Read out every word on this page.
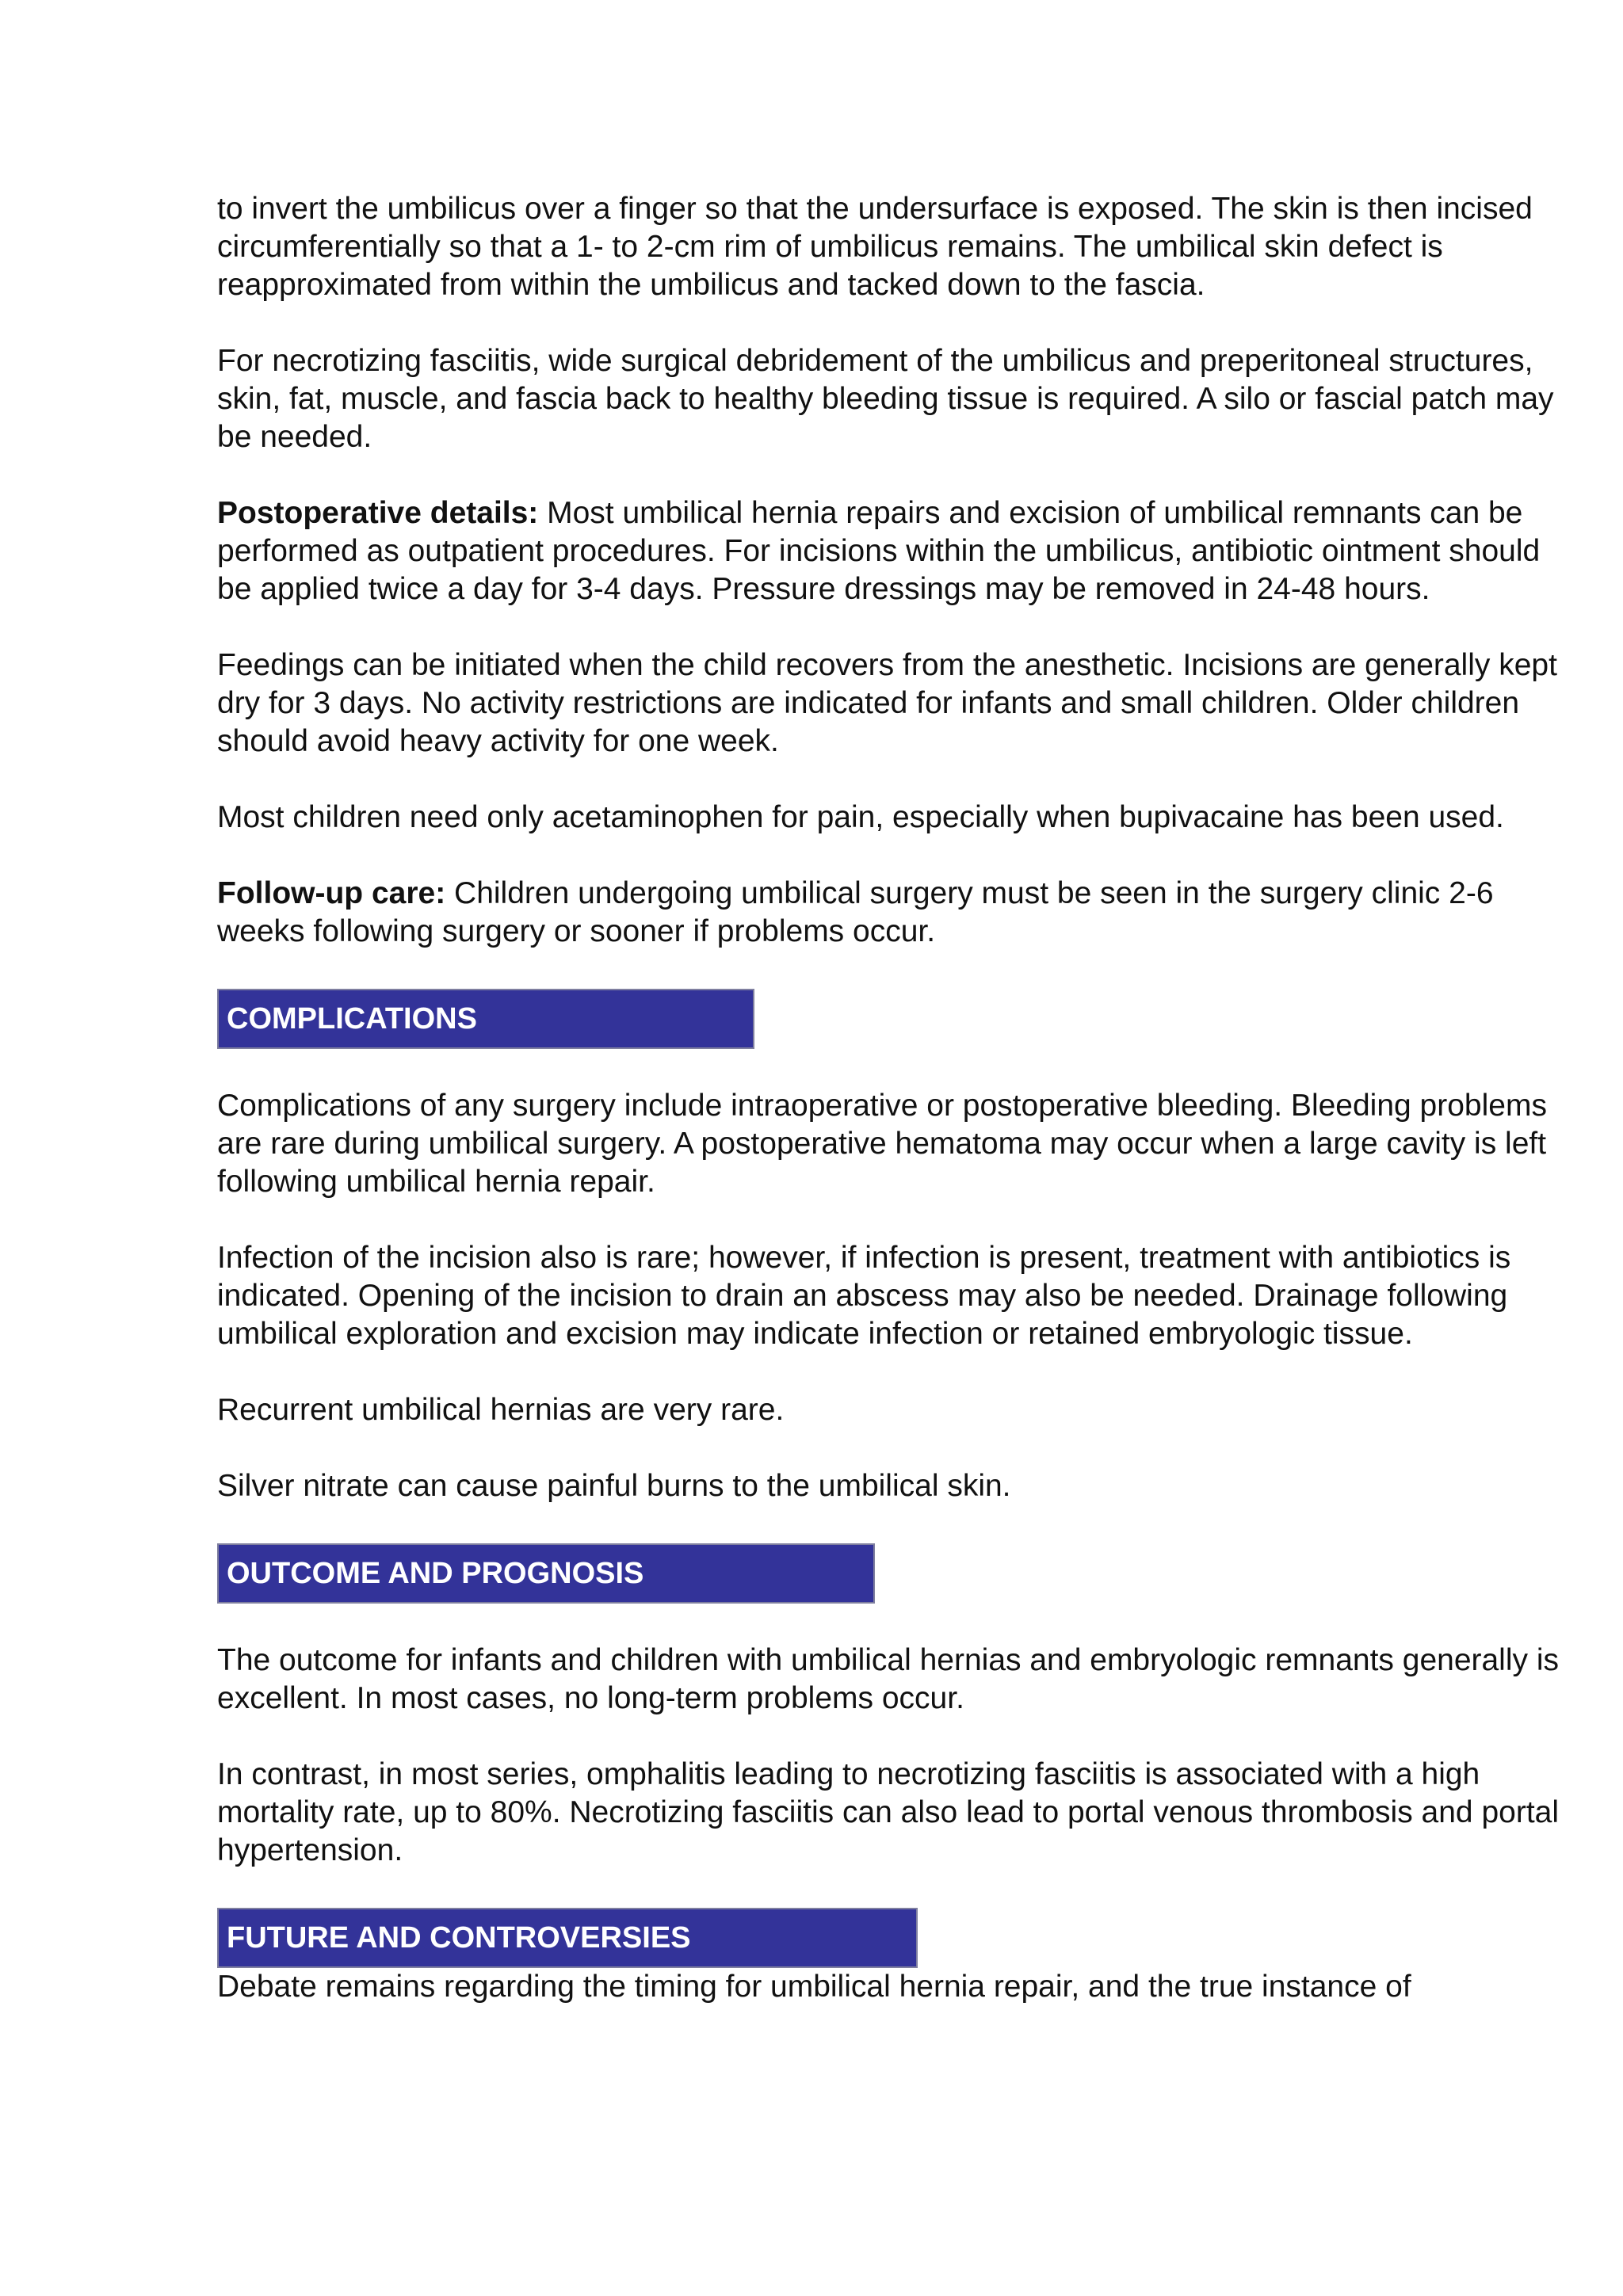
to invert the umbilicus over a finger so that the undersurface is exposed. The skin is then incised circumferentially so that a 1- to 2-cm rim of umbilicus remains. The umbilical skin defect is reapproximated from within the umbilicus and tacked down to the fascia.

For necrotizing fasciitis, wide surgical debridement of the umbilicus and preperitoneal structures, skin, fat, muscle, and fascia back to healthy bleeding tissue is required. A silo or fascial patch may be needed.

Postoperative details: Most umbilical hernia repairs and excision of umbilical remnants can be performed as outpatient procedures. For incisions within the umbilicus, antibiotic ointment should be applied twice a day for 3-4 days. Pressure dressings may be removed in 24-48 hours.

Feedings can be initiated when the child recovers from the anesthetic. Incisions are generally kept dry for 3 days. No activity restrictions are indicated for infants and small children. Older children should avoid heavy activity for one week.

Most children need only acetaminophen for pain, especially when bupivacaine has been used.

Follow-up care: Children undergoing umbilical surgery must be seen in the surgery clinic 2-6 weeks following surgery or sooner if problems occur.

COMPLICATIONS

Complications of any surgery include intraoperative or postoperative bleeding. Bleeding problems are rare during umbilical surgery. A postoperative hematoma may occur when a large cavity is left following umbilical hernia repair.

Infection of the incision also is rare; however, if infection is present, treatment with antibiotics is indicated. Opening of the incision to drain an abscess may also be needed. Drainage following umbilical exploration and excision may indicate infection or retained embryologic tissue.

Recurrent umbilical hernias are very rare.

Silver nitrate can cause painful burns to the umbilical skin.

OUTCOME AND PROGNOSIS

The outcome for infants and children with umbilical hernias and embryologic remnants generally is excellent. In most cases, no long-term problems occur.

In contrast, in most series, omphalitis leading to necrotizing fasciitis is associated with a high mortality rate, up to 80%. Necrotizing fasciitis can also lead to portal venous thrombosis and portal hypertension.

FUTURE AND CONTROVERSIES

Debate remains regarding the timing for umbilical hernia repair, and the true instance of
